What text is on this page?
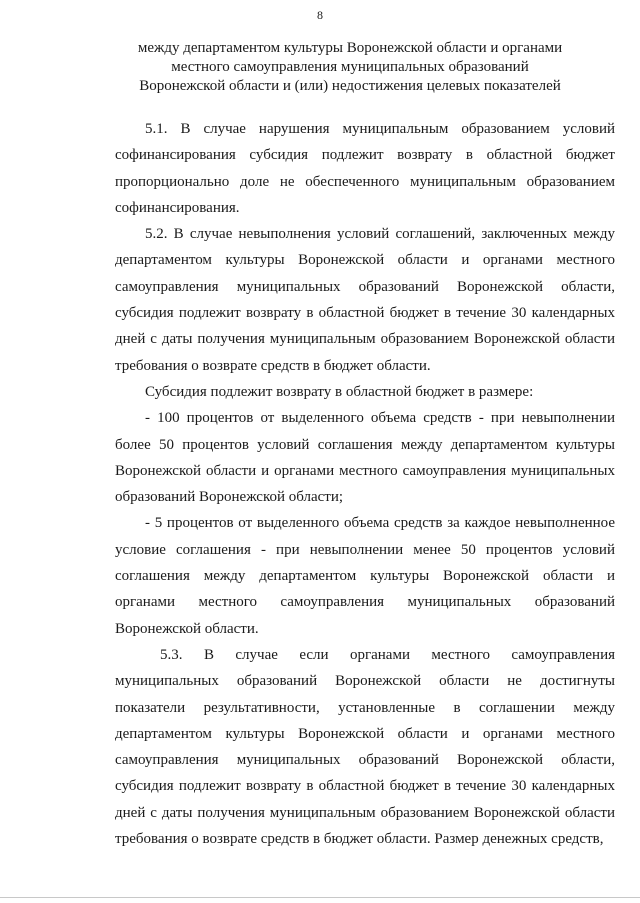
8
между департаментом культуры Воронежской области и органами
местного самоуправления муниципальных образований
Воронежской области и (или) недостижения целевых показателей

5.1. В случае нарушения муниципальным образованием условий софинансирования субсидия подлежит возврату в областной бюджет пропорционально доле не обеспеченного муниципальным образованием софинансирования.

5.2. В случае невыполнения условий соглашений, заключенных между департаментом культуры Воронежской области и органами местного самоуправления муниципальных образований Воронежской области, субсидия подлежит возврату в областной бюджет в течение 30 календарных дней с даты получения муниципальным образованием Воронежской области требования о возврате средств в бюджет области.

Субсидия подлежит возврату в областной бюджет в размере:

- 100 процентов от выделенного объема средств - при невыполнении более 50 процентов условий соглашения между департаментом культуры Воронежской области и органами местного самоуправления муниципальных образований Воронежской области;

- 5 процентов от выделенного объема средств за каждое невыполненное условие соглашения - при невыполнении менее 50 процентов условий соглашения между департаментом культуры Воронежской области и органами местного самоуправления муниципальных образований Воронежской области.

5.3. В случае если органами местного самоуправления муниципальных образований Воронежской области не достигнуты показатели результативности, установленные в соглашении между департаментом культуры Воронежской области и органами местного самоуправления муниципальных образований Воронежской области, субсидия подлежит возврату в областной бюджет в течение 30 календарных дней с даты получения муниципальным образованием Воронежской области требования о возврате средств в бюджет области. Размер денежных средств,
